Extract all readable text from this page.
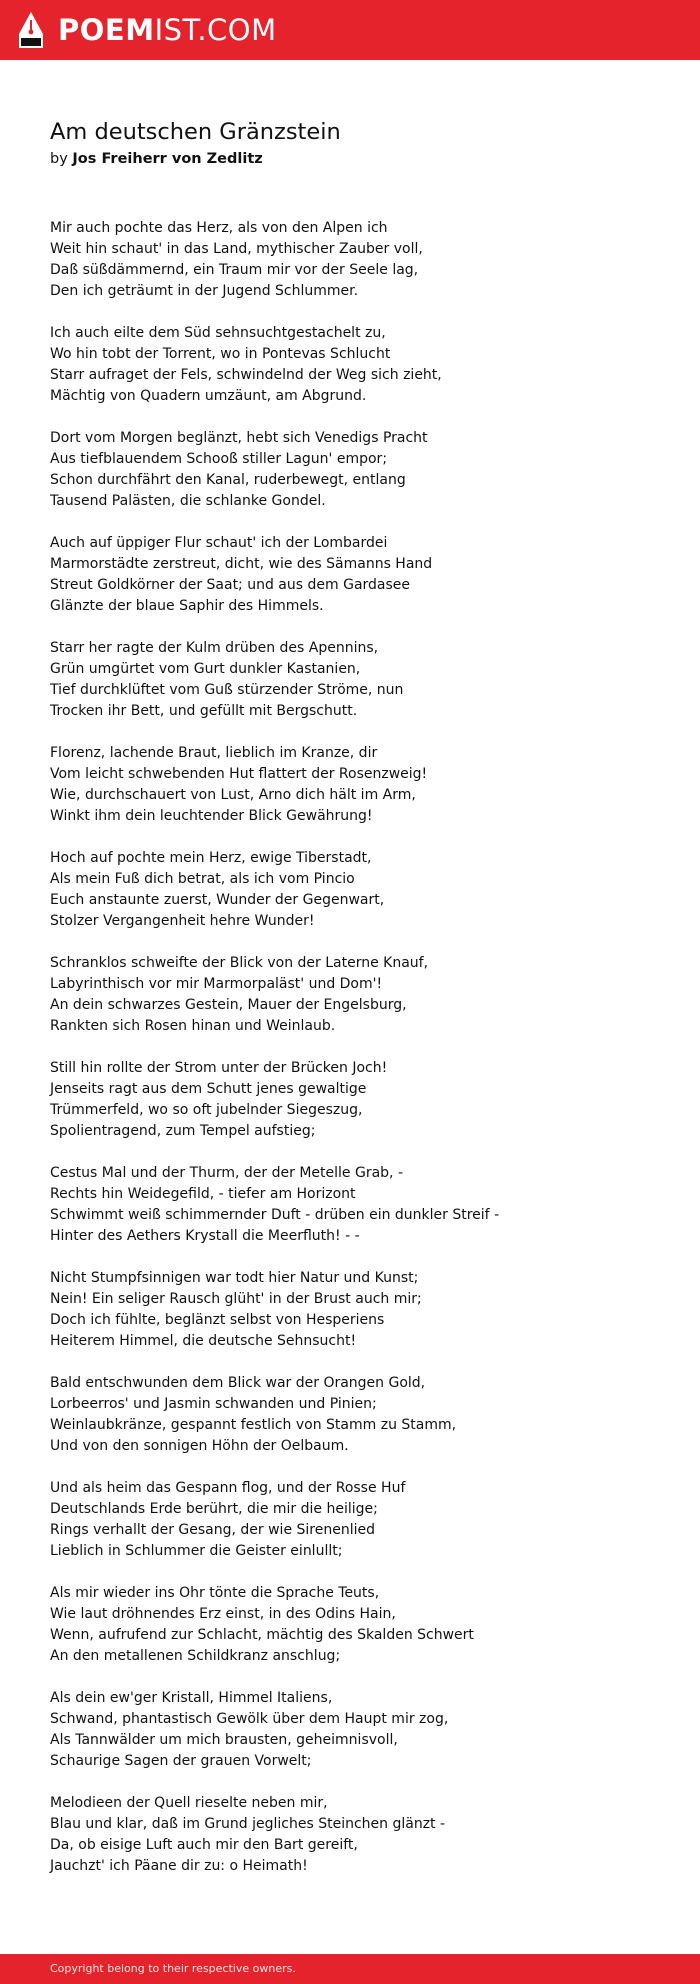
POEMIST.COM
Am deutschen Gränzstein
by Jos Freiherr von Zedlitz
Mir auch pochte das Herz, als von den Alpen ich
Weit hin schaut' in das Land, mythischer Zauber voll,
Daß süßdämmernd, ein Traum mir vor der Seele lag,
Den ich geträumt in der Jugend Schlummer.
Ich auch eilte dem Süd sehnsuchtgestachelt zu,
Wo hin tobt der Torrent, wo in Pontevas Schlucht
Starr aufraget der Fels, schwindelnd der Weg sich zieht,
Mächtig von Quadern umzäunt, am Abgrund.
Dort vom Morgen beglänzt, hebt sich Venedigs Pracht
Aus tiefblauendem Schooß stiller Lagun' empor;
Schon durchfährt den Kanal, ruderbewegt, entlang
Tausend Palästen, die schlanke Gondel.
Auch auf üppiger Flur schaut' ich der Lombardei
Marmorstädte zerstreut, dicht, wie des Sämanns Hand
Streut Goldkörner der Saat; und aus dem Gardasee
Glänzte der blaue Saphir des Himmels.
Starr her ragte der Kulm drüben des Apennins,
Grün umgürtet vom Gurt dunkler Kastanien,
Tief durchklüftet vom Guß stürzender Ströme, nun
Trocken ihr Bett, und gefüllt mit Bergschutt.
Florenz, lachende Braut, lieblich im Kranze, dir
Vom leicht schwebenden Hut flattert der Rosenzweig!
Wie, durchschauert von Lust, Arno dich hält im Arm,
Winkt ihm dein leuchtender Blick Gewährung!
Hoch auf pochte mein Herz, ewige Tiberstadt,
Als mein Fuß dich betrat, als ich vom Pincio
Euch anstaunte zuerst, Wunder der Gegenwart,
Stolzer Vergangenheit hehre Wunder!
Schranklos schweifte der Blick von der Laterne Knauf,
Labyrinthisch vor mir Marmorpaläst' und Dom'!
An dein schwarzes Gestein, Mauer der Engelsburg,
Rankten sich Rosen hinan und Weinlaub.
Still hin rollte der Strom unter der Brücken Joch!
Jenseits ragt aus dem Schutt jenes gewaltige
Trümmerfeld, wo so oft jubelnder Siegeszug,
Spolientragend, zum Tempel aufstieg;
Cestus Mal und der Thurm, der der Metelle Grab, -
Rechts hin Weidegefild, - tiefer am Horizont
Schwimmt weiß schimmernder Duft - drüben ein dunkler Streif -
Hinter des Aethers Krystall die Meerfluth! - -
Nicht Stumpfsinnigen war todt hier Natur und Kunst;
Nein! Ein seliger Rausch glüht' in der Brust auch mir;
Doch ich fühlte, beglänzt selbst von Hesperiens
Heiterem Himmel, die deutsche Sehnsucht!
Bald entschwunden dem Blick war der Orangen Gold,
Lorbeerros' und Jasmin schwanden und Pinien;
Weinlaubkränze, gespannt festlich von Stamm zu Stamm,
Und von den sonnigen Höhn der Oelbaum.
Und als heim das Gespann flog, und der Rosse Huf
Deutschlands Erde berührt, die mir die heilige;
Rings verhallt der Gesang, der wie Sirenenlied
Lieblich in Schlummer die Geister einlullt;
Als mir wieder ins Ohr tönte die Sprache Teuts,
Wie laut dröhnendes Erz einst, in des Odins Hain,
Wenn, aufrufend zur Schlacht, mächtig des Skalden Schwert
An den metallenen Schildkranz anschlug;
Als dein ew'ger Kristall, Himmel Italiens,
Schwand, phantastisch Gewölk über dem Haupt mir zog,
Als Tannwälder um mich brausten, geheimnisvoll,
Schaurige Sagen der grauen Vorwelt;
Melodieen der Quell rieselte neben mir,
Blau und klar, daß im Grund jegliches Steinchen glänzt -
Da, ob eisige Luft auch mir den Bart gereift,
Jauchzt' ich Päane dir zu: o Heimath!
Copyright belong to their respective owners.
